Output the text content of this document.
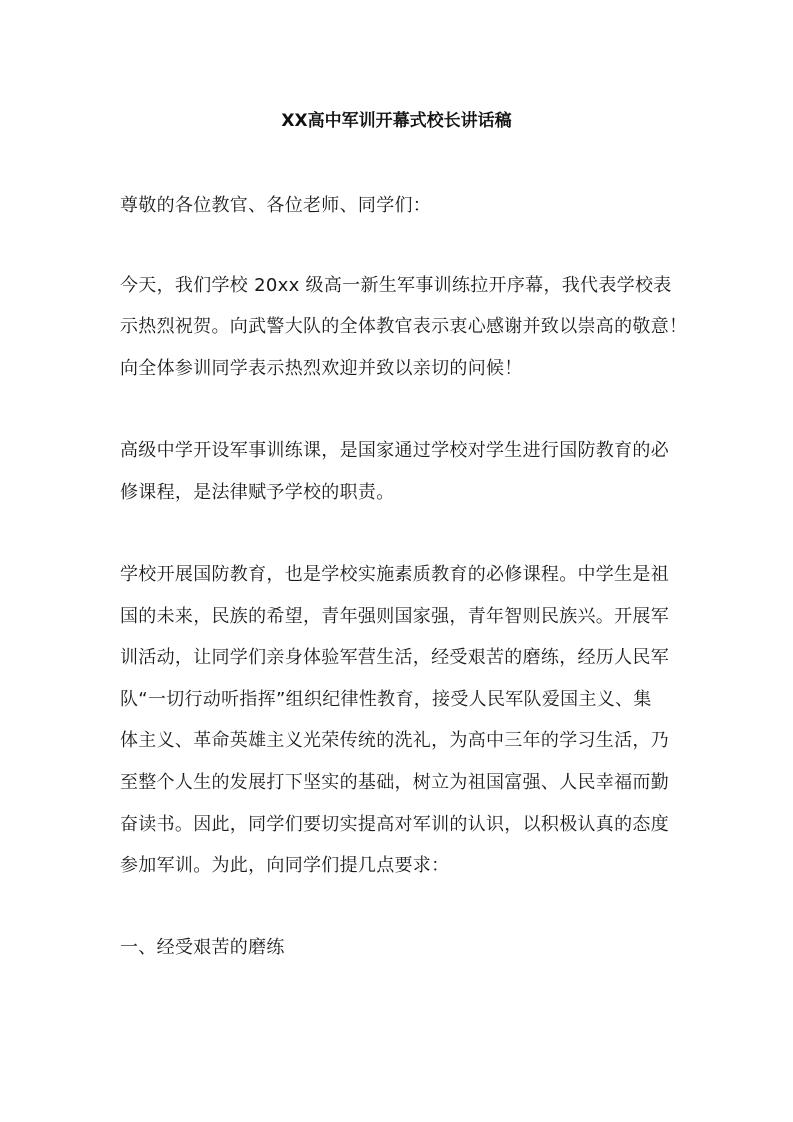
XX高中军训开幕式校长讲话稿
尊敬的各位教官、各位老师、同学们：
今天，我们学校 20xx 级高一新生军事训练拉开序幕，我代表学校表
示热烈祝贺。向武警大队的全体教官表示衷心感谢并致以崇高的敬意！
向全体参训同学表示热烈欢迎并致以亲切的问候！
高级中学开设军事训练课，是国家通过学校对学生进行国防教育的必
修课程，是法律赋予学校的职责。
学校开展国防教育，也是学校实施素质教育的必修课程。中学生是祖
国的未来，民族的希望，青年强则国家强，青年智则民族兴。开展军
训活动，让同学们亲身体验军营生活，经受艰苦的磨练，经历人民军
队“一切行动听指挥”组织纪律性教育，接受人民军队爱国主义、集
体主义、革命英雄主义光荣传统的洗礼，为高中三年的学习生活，乃
至整个人生的发展打下坚实的基础，树立为祖国富强、人民幸福而勤
奋读书。因此，同学们要切实提高对军训的认识，以积极认真的态度
参加军训。为此，向同学们提几点要求：
一、经受艰苦的磨练
